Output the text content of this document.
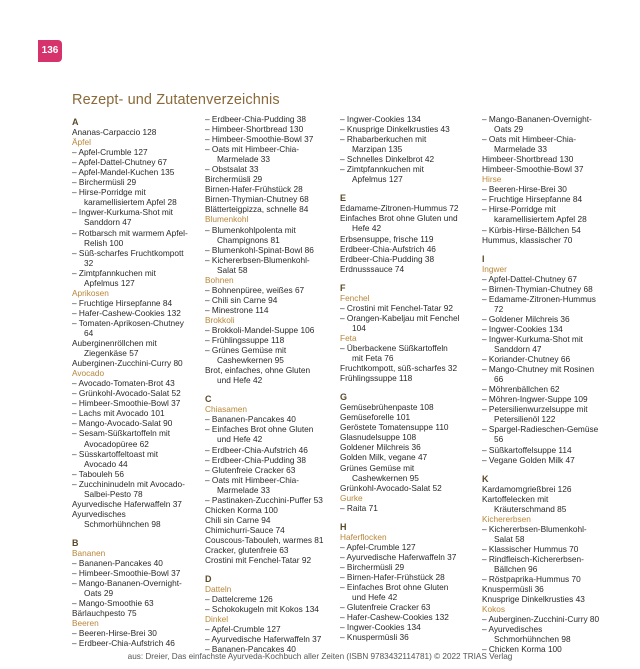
136
Rezept- und Zutatenverzeichnis
A
Ananas-Carpaccio 128
Äpfel
– Apfel-Crumble 127
– Apfel-Dattel-Chutney 67
– Apfel-Mandel-Kuchen 135
– Birchermüsli 29
– Hirse-Porridge mit
karamellisiertem Apfel 28
– Ingwer-Kurkuma-Shot mit
Sanddorn 47
– Rotbarsch mit warmem Apfel-
Relish 100
– Süß-scharfes Fruchtkompott
32
– Zimtpfannkuchen mit
Apfelmus 127
Aprikosen
– Fruchtige Hirsepfanne 84
– Hafer-Cashew-Cookies 132
– Tomaten-Aprikosen-Chutney
64
Auberginenröllchen mit
Ziegenkäse 57
Auberginen-Zucchini-Curry 80
Avocado
– Avocado-Tomaten-Brot 43
– Grünkohl-Avocado-Salat 52
– Himbeer-Smoothie-Bowl 37
– Lachs mit Avocado 101
– Mango-Avocado-Salat 90
– Sesam-Süßkartoffeln mit
Avocadopüree 62
– Süsskartoffeltoast mit
Avocado 44
– Tabouleh 56
– Zucchininudeln mit Avocado-
Salbei-Pesto 78
Ayurvedische Haferwaffeln 37
Ayurvedisches
Schmorhühnchen 98
B
Bananen
– Bananen-Pancakes 40
– Himbeer-Smoothie-Bowl 37
– Mango-Bananen-Overnight-
Oats 29
– Mango-Smoothie 63
Bärlauchpesto 75
Beeren
– Beeren-Hirse-Brei 30
– Erdbeer-Chia-Aufstrich 46
– Erdbeer-Chia-Pudding 38
– Himbeer-Shortbread 130
– Himbeer-Smoothie-Bowl 37
– Oats mit Himbeer-Chia-
Marmelade 33
– Obstsalat 33
Birchermüsli 29
Birnen-Hafer-Frühstück 28
Birnen-Thymian-Chutney 68
Blätterteigpizza, schnelle 84
Blumenkohl
– Blumenkohlpolenta mit
Champignons 81
– Blumenkohl-Spinat-Bowl 86
– Kichererbsen-Blumenkohl-
Salat 58
Bohnen
– Bohnenpüree, weißes 67
– Chili sin Carne 94
– Minestrone 114
Brokkoli
– Brokkoli-Mandel-Suppe 106
– Frühlingssuppe 118
– Grünes Gemüse mit
Cashewkernen 95
Brot, einfaches, ohne Gluten
und Hefe 42
C
Chiasamen
– Bananen-Pancakes 40
– Einfaches Brot ohne Gluten
und Hefe 42
– Erdbeer-Chia-Aufstrich 46
– Erdbeer-Chia-Pudding 38
– Glutenfreie Cracker 63
– Oats mit Himbeer-Chia-
Marmelade 33
– Pastinaken-Zucchini-Puffer 53
Chicken Korma 100
Chili sin Carne 94
Chimichurri-Sauce 74
Couscous-Tabouleh, warmes 81
Cracker, glutenfreie 63
Crostini mit Fenchel-Tatar 92
D
Datteln
– Dattelcreme 126
– Schokokugeln mit Kokos 134
Dinkel
– Apfel-Crumble 127
– Ayurvedische Haferwaffeln 37
– Bananen-Pancakes 40
– Ingwer-Cookies 134
– Knusprige Dinkelkrusties 43
– Rhabarberkuchen mit
Marzipan 135
– Schnelles Dinkelbrot 42
– Zimtpfannkuchen mit
Apfelmus 127
E
Edamame-Zitronen-Hummus 72
Einfaches Brot ohne Gluten und
Hefe 42
Erbsensuppe, frische 119
Erdbeer-Chia-Aufstrich 46
Erdbeer-Chia-Pudding 38
Erdnusssauce 74
F
Fenchel
– Crostini mit Fenchel-Tatar 92
– Orangen-Kabeljau mit Fenchel
104
Feta
– Überbackene Süßkartoffeln
mit Feta 76
Fruchtkompott, süß-scharfes 32
Frühlingssuppe 118
G
Gemüsebrühenpaste 108
Gemüseforelle 101
Geröstete Tomatensuppe 110
Glasnudelsuppe 108
Goldener Milchreis 36
Golden Milk, vegane 47
Grünes Gemüse mit
Cashewkernen 95
Grünkohl-Avocado-Salat 52
Gurke
– Raita 71
H
Haferflocken
– Apfel-Crumble 127
– Ayurvedische Haferwaffeln 37
– Birchermüsli 29
– Birnen-Hafer-Frühstück 28
– Einfaches Brot ohne Gluten
und Hefe 42
– Glutenfreie Cracker 63
– Hafer-Cashew-Cookies 132
– Ingwer-Cookies 134
– Knuspermüsli 36
– Mango-Bananen-Overnight-
Oats 29
– Oats mit Himbeer-Chia-
Marmelade 33
Himbeer-Shortbread 130
Himbeer-Smoothie-Bowl 37
Hirse
– Beeren-Hirse-Brei 30
– Fruchtige Hirsepfanne 84
– Hirse-Porridge mit
karamellisiertem Apfel 28
– Kürbis-Hirse-Bällchen 54
Hummus, klassischer 70
I
Ingwer
– Apfel-Dattel-Chutney 67
– Birnen-Thymian-Chutney 68
– Edamame-Zitronen-Hummus
72
– Goldener Milchreis 36
– Ingwer-Cookies 134
– Ingwer-Kurkuma-Shot mit
Sanddorn 47
– Koriander-Chutney 66
– Mango-Chutney mit Rosinen
66
– Möhrenbällchen 62
– Möhren-Ingwer-Suppe 109
– Petersilienwurzelsuppe mit
Petersilienöl 122
– Spargel-Radieschen-Gemüse
56
– Süßkartoffelsuppe 114
– Vegane Golden Milk 47
K
Kardamomgrießbrei 126
Kartoffelecken mit
Kräuterschmand 85
Kichererbsen
– Kichererbsen-Blumenkohl-
Salat 58
– Klassischer Hummus 70
– Rindfleisch-Kichererbsen-
Bällchen 96
– Röstpaprika-Hummus 70
Knuspermüsli 36
Knusprige Dinkelkrusties 43
Kokos
– Auberginen-Zucchini-Curry 80
– Ayurvedisches
Schmorhühnchen 98
– Chicken Korma 100
aus: Dreier, Das einfachste Ayurveda-Kochbuch aller Zeiten (ISBN 9783432114781) © 2022 TRIAS Verlag
